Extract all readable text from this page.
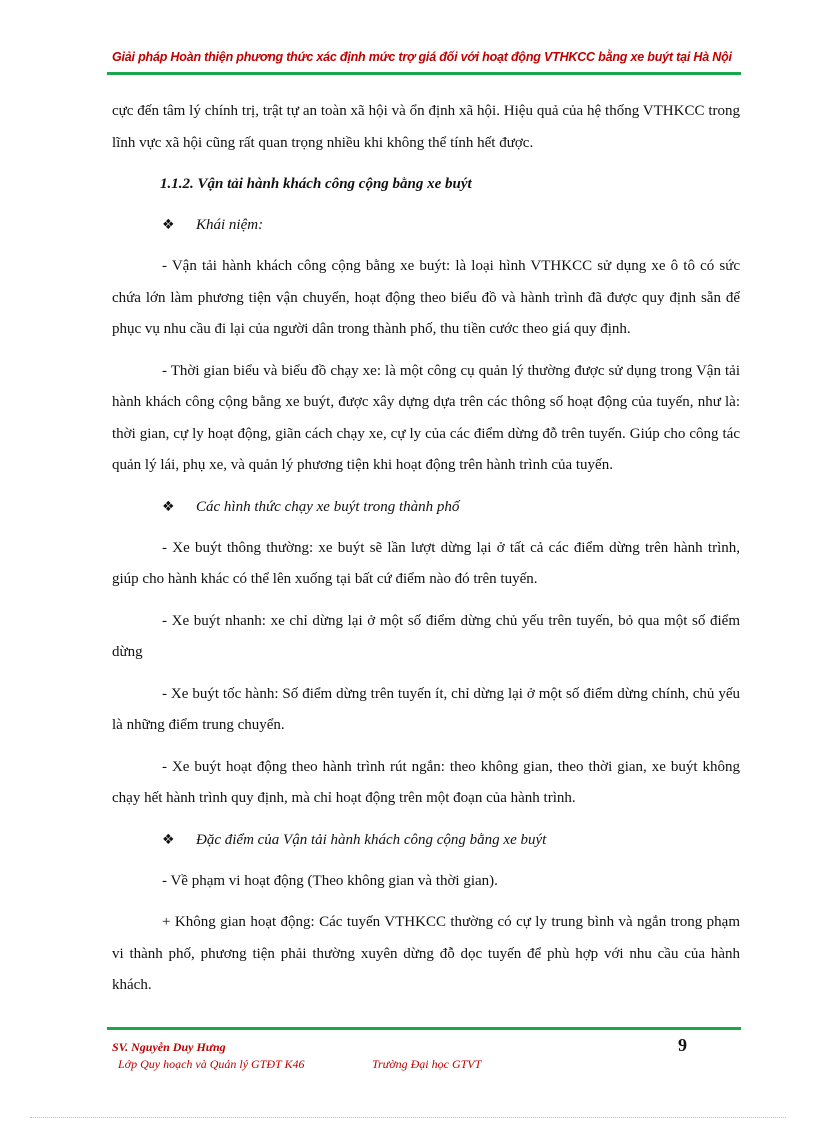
Giải pháp Hoàn thiện phương thức xác định mức trợ giá đối với hoạt động VTHKCC bằng xe buýt tại Hà Nội

cực đến tâm lý chính trị, trật tự an toàn xã hội và ổn định xã hội. Hiệu quả của hệ thống VTHKCC trong lĩnh vực xã hội cũng rất quan trọng nhiều khi không thể tính hết được.

1.1.2. Vận tải hành khách công cộng bằng xe buýt

❖ Khái niệm:

- Vận tải hành khách công cộng bằng xe buýt: là loại hình VTHKCC sử dụng xe ô tô có sức chứa lớn làm phương tiện vận chuyển, hoạt động theo biểu đồ và hành trình đã được quy định sẵn để phục vụ nhu cầu đi lại của người dân trong thành phố, thu tiền cước theo giá quy định.

- Thời gian biểu và biểu đồ chạy xe: là một công cụ quản lý thường được sử dụng trong Vận tải hành khách công cộng bằng xe buýt, được xây dựng dựa trên các thông số hoạt động của tuyến, như là: thời gian, cự ly hoạt động, giãn cách chạy xe, cự ly của các điểm dừng đỗ trên tuyến. Giúp cho công tác quản lý lái, phụ xe, và quản lý phương tiện khi hoạt động trên hành trình của tuyến.

❖ Các hình thức chạy xe buýt trong thành phố

- Xe buýt thông thường: xe buýt sẽ lần lượt dừng lại ở tất cả các điểm dừng trên hành trình, giúp cho hành khác có thể lên xuống tại bất cứ điểm nào đó trên tuyến.

- Xe buýt nhanh: xe chỉ dừng lại ở một số điểm dừng chủ yếu trên tuyến, bỏ qua một số điểm dừng

- Xe buýt tốc hành: Số điểm dừng trên tuyến ít, chỉ dừng lại ở một số điểm dừng chính, chủ yếu là những điểm trung chuyển.

- Xe buýt hoạt động theo hành trình rút ngắn: theo không gian, theo thời gian, xe buýt không chạy hết hành trình quy định, mà chỉ hoạt động trên một đoạn của hành trình.

❖ Đặc điểm của Vận tải hành khách công cộng bằng xe buýt

- Về phạm vi hoạt động (Theo không gian và thời gian).

+ Không gian hoạt động: Các tuyến VTHKCC thường có cự ly trung bình và ngắn trong phạm vi thành phố, phương tiện phải thường xuyên dừng đỗ dọc tuyến để phù hợp với nhu cầu của hành khách.

SV. Nguyễn Duy Hưng
Lớp Quy hoạch và Quản lý GTĐT K46	Trường Đại học GTVT
9
